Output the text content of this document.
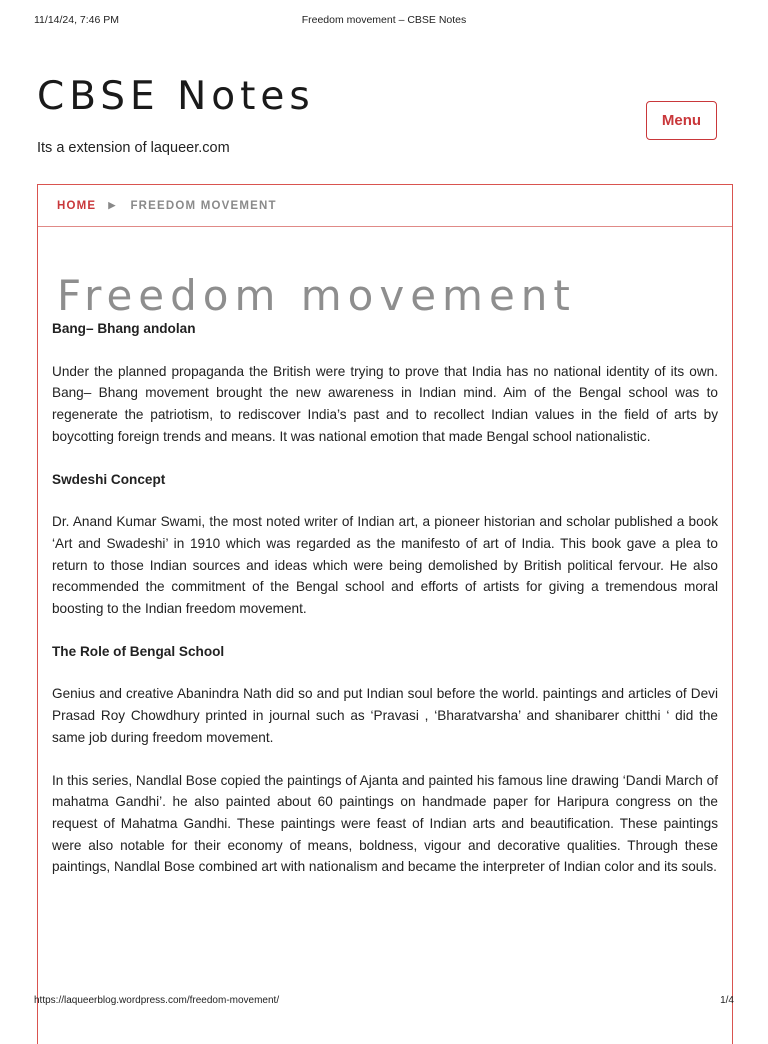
11/14/24, 7:46 PM	Freedom movement – CBSE Notes
CBSE Notes
Its a extension of laqueer.com
Menu
HOME ▶ FREEDOM MOVEMENT
Freedom movement
Bang– Bhang andolan

Under the planned propaganda the British were trying to prove that India has no national identity of its own. Bang– Bhang movement brought the new awareness in Indian mind. Aim of the Bengal school was to regenerate the patriotism, to rediscover India’s past and to recollect Indian values in the field of arts by boycotting foreign trends and means. It was national emotion that made Bengal school nationalistic.

Swdeshi Concept

Dr. Anand Kumar Swami, the most noted writer of Indian art, a pioneer historian and scholar published a book ‘Art and Swadeshi’ in 1910 which was regarded as the manifesto of art of India. This book gave a plea to return to those Indian sources and ideas which were being demolished by British political fervour. He also recommended the commitment of the Bengal school and efforts of artists for giving a tremendous moral boosting to the Indian freedom movement.

The Role of Bengal School

Genius and creative Abanindra Nath did so and put Indian soul before the world. paintings and articles of Devi Prasad Roy Chowdhury printed in journal such as ‘Pravasi , ‘Bharatvarsha’ and shanibarer chitthi ‘ did the same job during freedom movement.

In this series, Nandlal Bose copied the paintings of Ajanta and painted his famous line drawing ‘Dandi March of mahatma Gandhi’. he also painted about 60 paintings on handmade paper for Haripura congress on the request of Mahatma Gandhi. These paintings were feast of Indian arts and beautification. These paintings were also notable for their economy of means, boldness, vigour and decorative qualities. Through these paintings, Nandlal Bose combined art with nationalism and became the interpreter of Indian color and its souls.

https://laqueerblog.wordpress.com/freedom-movement/	1/4
